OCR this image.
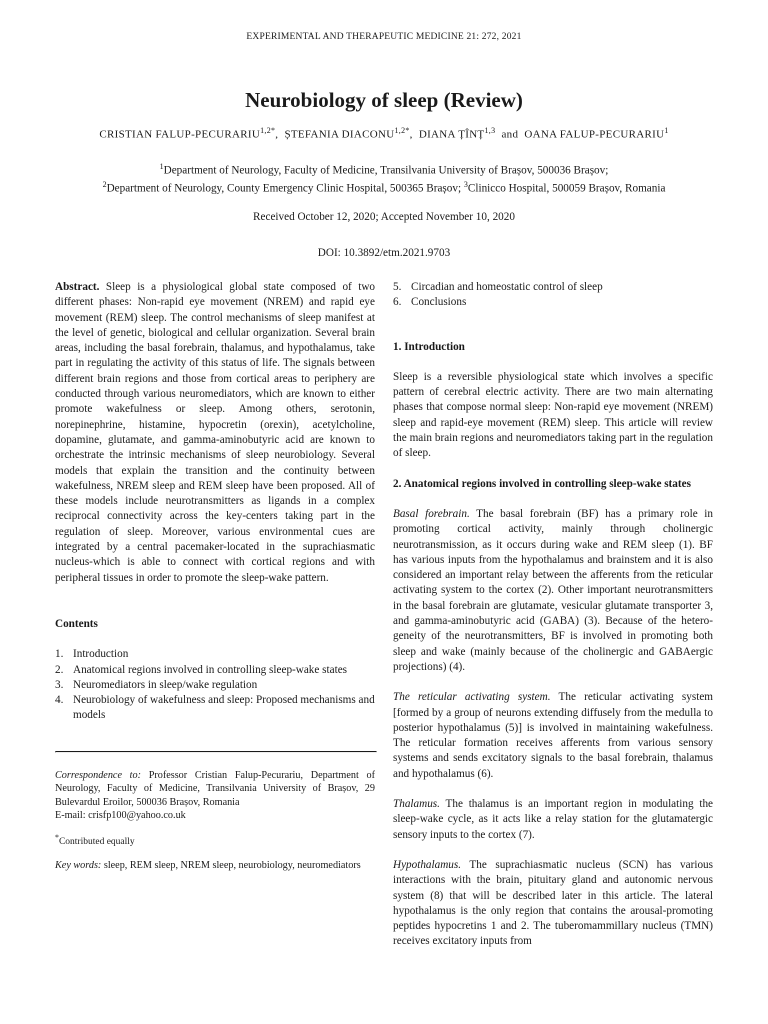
EXPERIMENTAL AND THERAPEUTIC MEDICINE 21: 272, 2021
Neurobiology of sleep (Review)
CRISTIAN FALUP-$PECURARIU^{1,2*}$,  ȘTEFANIA $DIACONU^{1,2*}$,  DIANA ȚÎNȚ$^{1,3}$  and  OANA FALUP-PECURARIU$^1$
$^1$Department of Neurology, Faculty of Medicine, Transilvania University of Brașov, 500036 Brașov;
$^2$Department of Neurology, County Emergency Clinic Hospital, 500365 Brașov; $^3$Clinicco Hospital, 500059 Brașov, Romania
Received October 12, 2020; Accepted November 10, 2020
DOI: 10.3892/etm.2021.9703

Abstract. Sleep is a physiological global state composed of two different phases: Non-rapid eye movement (NREM) and rapid eye movement (REM) sleep. The control mechanisms of sleep manifest at the level of genetic, biological and cellular organization. Several brain areas, including the basal forebrain, thalamus, and hypothalamus, take part in regulating the activity of this status of life. The signals between different brain regions and those from cortical areas to periphery are conducted through various neuromediators, which are known to either promote wakefulness or sleep. Among others, serotonin, norepinephrine, histamine, hypocretin (orexin), acetylcholine, dopamine, glutamate, and gamma-aminobutyric acid are known to orchestrate the intrinsic mechanisms of sleep neurobiology. Several models that explain the transition and the continuity between wakefulness, NREM sleep and REM sleep have been proposed. All of these models include neurotransmitters as ligands in a complex reciprocal connectivity across the key-centers taking part in the regulation of sleep. Moreover, various environmental cues are integrated by a central pacemaker-located in the suprachiasmatic nucleus-which is able to connect with cortical regions and with peripheral tissues in order to promote the sleep-wake pattern.

Contents

1. Introduction
2. Anatomical regions involved in controlling sleep-wake states
3. Neuromediators in sleep/wake regulation
4. Neurobiology of wakefulness and sleep: Proposed mechanisms and models

Correspondence to: Professor Cristian Falup-Pecurariu, Department of Neurology, Faculty of Medicine, Transilvania University of Brașov, 29 Bulevardul Eroilor, 500036 Brașov, Romania

E-mail: crisfp100@yahoo.co.uk

*Contributed equally

Key words: sleep, REM sleep, NREM sleep, neurobiology, neuromediators

5. Circadian and homeostatic control of sleep
6. Conclusions

1. Introduction

Sleep is a reversible physiological state which involves a specific pattern of cerebral electric activity. There are two main alternating phases that compose normal sleep: Non-rapid eye movement (NREM) sleep and rapid-eye movement (REM) sleep. This article will review the main brain regions and neuromediators taking part in the regulation of sleep.

2. Anatomical regions involved in controlling sleep-wake states

Basal forebrain. The basal forebrain (BF) has a primary role in promoting cortical activity, mainly through cholinergic neurotransmission, as it occurs during wake and REM sleep (1). BF has various inputs from the hypothalamus and brainstem and it is also considered an important relay between the afferents from the reticular activating system to the cortex (2). Other important neurotransmitters in the basal forebrain are glutamate, vesicular glutamate transporter 3, and gamma-aminobutyric acid (GABA) (3). Because of the heterogeneity of the neurotransmitters, BF is involved in promoting both sleep and wake (mainly because of the cholinergic and GABAergic projections) (4).

The reticular activating system. The reticular activating system [formed by a group of neurons extending diffusely from the medulla to posterior hypothalamus (5)] is involved in maintaining wakefulness. The reticular formation receives afferents from various sensory systems and sends excitatory signals to the basal forebrain, thalamus and hypothalamus (6).

Thalamus. The thalamus is an important region in modulating the sleep-wake cycle, as it acts like a relay station for the glutamatergic sensory inputs to the cortex (7).

Hypothalamus. The suprachiasmatic nucleus (SCN) has various interactions with the brain, pituitary gland and autonomic nervous system (8) that will be described later in this article. The lateral hypothalamus is the only region that contains the arousal-promoting peptides hypocretins 1 and 2. The tuberomammillary nucleus (TMN) receives excitatory inputs from
